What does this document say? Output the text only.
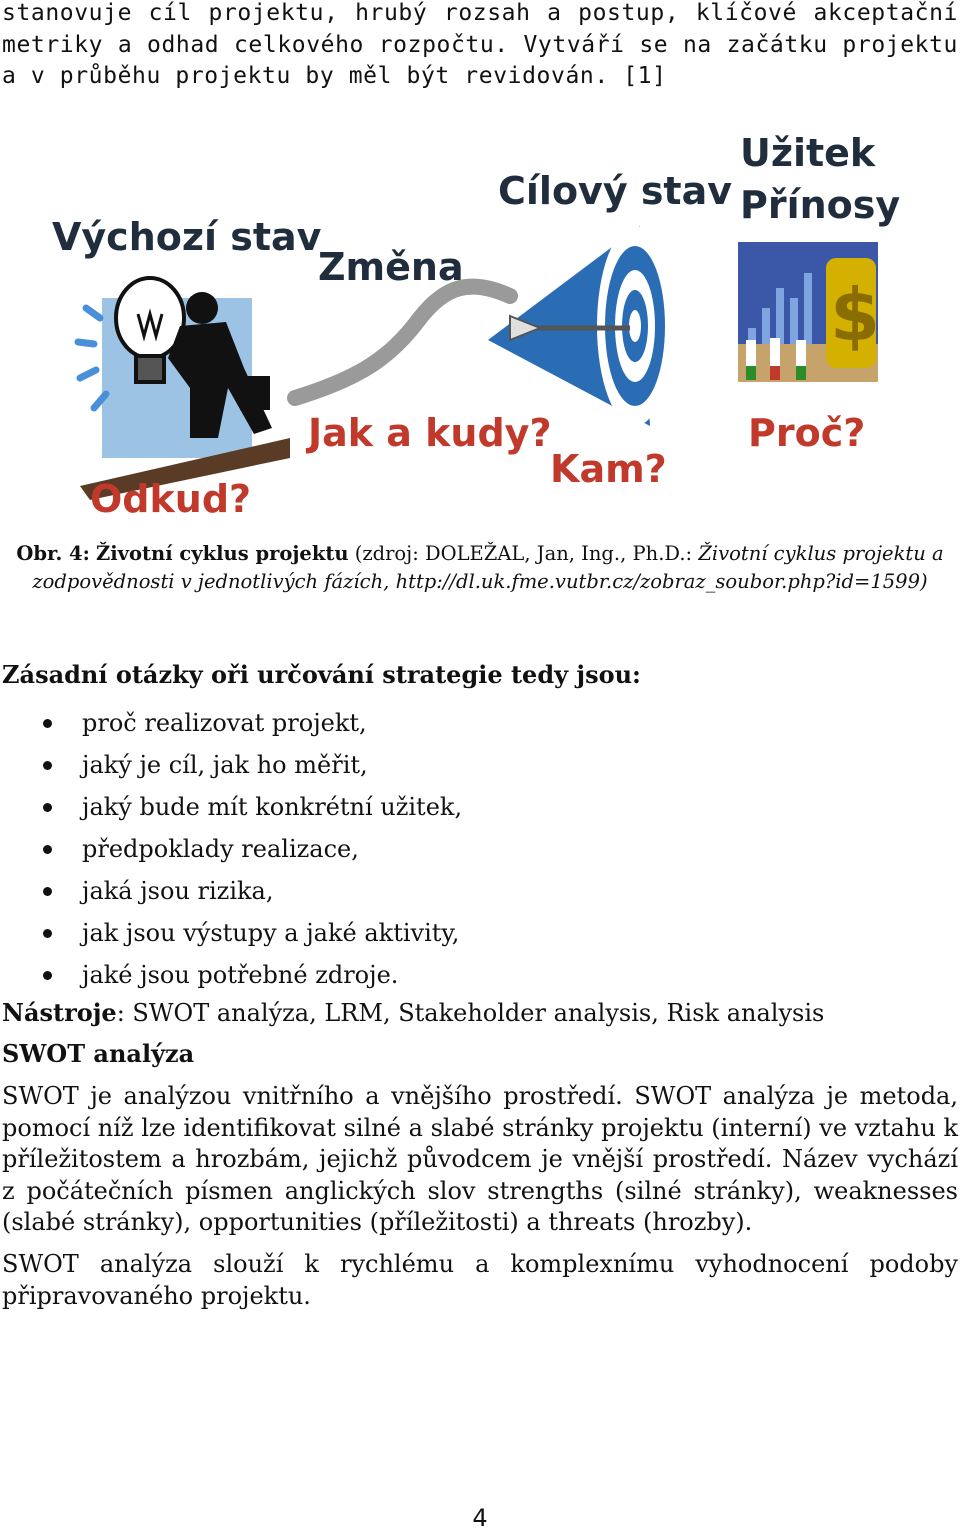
stanovuje cíl projektu, hrubý rozsah a postup, klíčové akceptační metriky a odhad celkového rozpočtu. Vytváří se na začátku projektu a v průběhu projektu by měl být revidován. [1]

Výchozí stav
Změna
Cílový stav
Užitek
Přínosy
$
Odkud?
Jak a kudy?
Kam?
Proč?

Obr. 4: Životní cyklus projektu (zdroj: DOLEŽAL, Jan, Ing., Ph.D.: Životní cyklus projektu a zodpovědnosti v jednotlivých fázích, http://dl.uk.fme.vutbr.cz/zobraz_soubor.php?id=1599)

Zásadní otázky oři určování strategie tedy jsou:

proč realizovat projekt,
jaký je cíl, jak ho měřit,
jaký bude mít konkrétní užitek,
předpoklady realizace,
jaká jsou rizika,
jak jsou výstupy a jaké aktivity,
jaké jsou potřebné zdroje.

Nástroje: SWOT analýza, LRM, Stakeholder analysis, Risk analysis

SWOT analýza

SWOT je analýzou vnitřního a vnějšího prostředí. SWOT analýza je metoda, pomocí níž lze identifikovat silné a slabé stránky projektu (interní) ve vztahu k příležitostem a hrozbám, jejichž původcem je vnější prostředí. Název vychází z počátečních písmen anglických slov strengths (silné stránky), weaknesses (slabé stránky), opportunities (příležitosti) a threats (hrozby).

SWOT analýza slouží k rychlému a komplexnímu vyhodnocení podoby připravovaného projektu.

4
